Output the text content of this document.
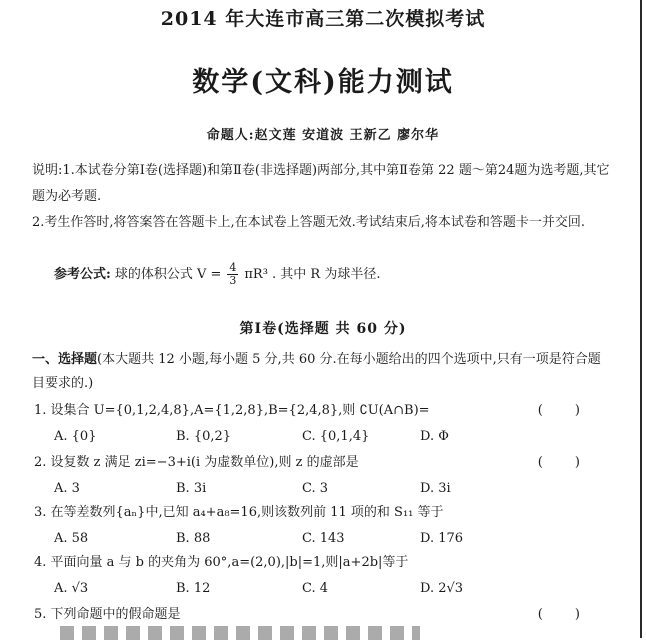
2014 年大连市高三第二次模拟考试
数学(文科)能力测试
命题人:赵文莲 安道波 王新乙 廖尔华
说明:1.本试卷分第Ⅰ卷(选择题)和第Ⅱ卷(非选择题)两部分,其中第Ⅱ卷第 22 题～第24题为选考题,其它题为必考题.
2.考生作答时,将答案答在答题卡上,在本试卷上答题无效.考试结束后,将本试卷和答题卡一并交回.
参考公式: 球的体积公式 $V = \frac{4}{3} \pi R^3$ . 其中 R 为球半径.
第Ⅰ卷(选择题 共 60 分)
一、选择题(本大题共 12 小题,每小题 5 分,共 60 分.在每小题给出的四个选项中,只有一项是符合题目要求的.)
1. 设集合 U={0,1,2,4,8},A={1,2,8},B={2,4,8},则 ∁U(A∩B)=	( )
A. {0}	B. {0,2}	C. {0,1,4}	D. Φ
2. 设复数 z 满足 zi=−3+i(i 为虚数单位),则 z 的虚部是	( )
A. 3	B. 3i	C. 3	D. 3i
3. 在等差数列{aₙ}中,已知 a₄+a₈=16,则该数列前 11 项的和 S₁₁ 等于
A. 58	B. 88	C. 143	D. 176
4. 平面向量 a 与 b 的夹角为 60°,a=(2,0),|b|=1,则|a+2b|等于
A. √3	B. 12	C. 4	D. 2√3
5. 下列命题中的假命题是	( )
